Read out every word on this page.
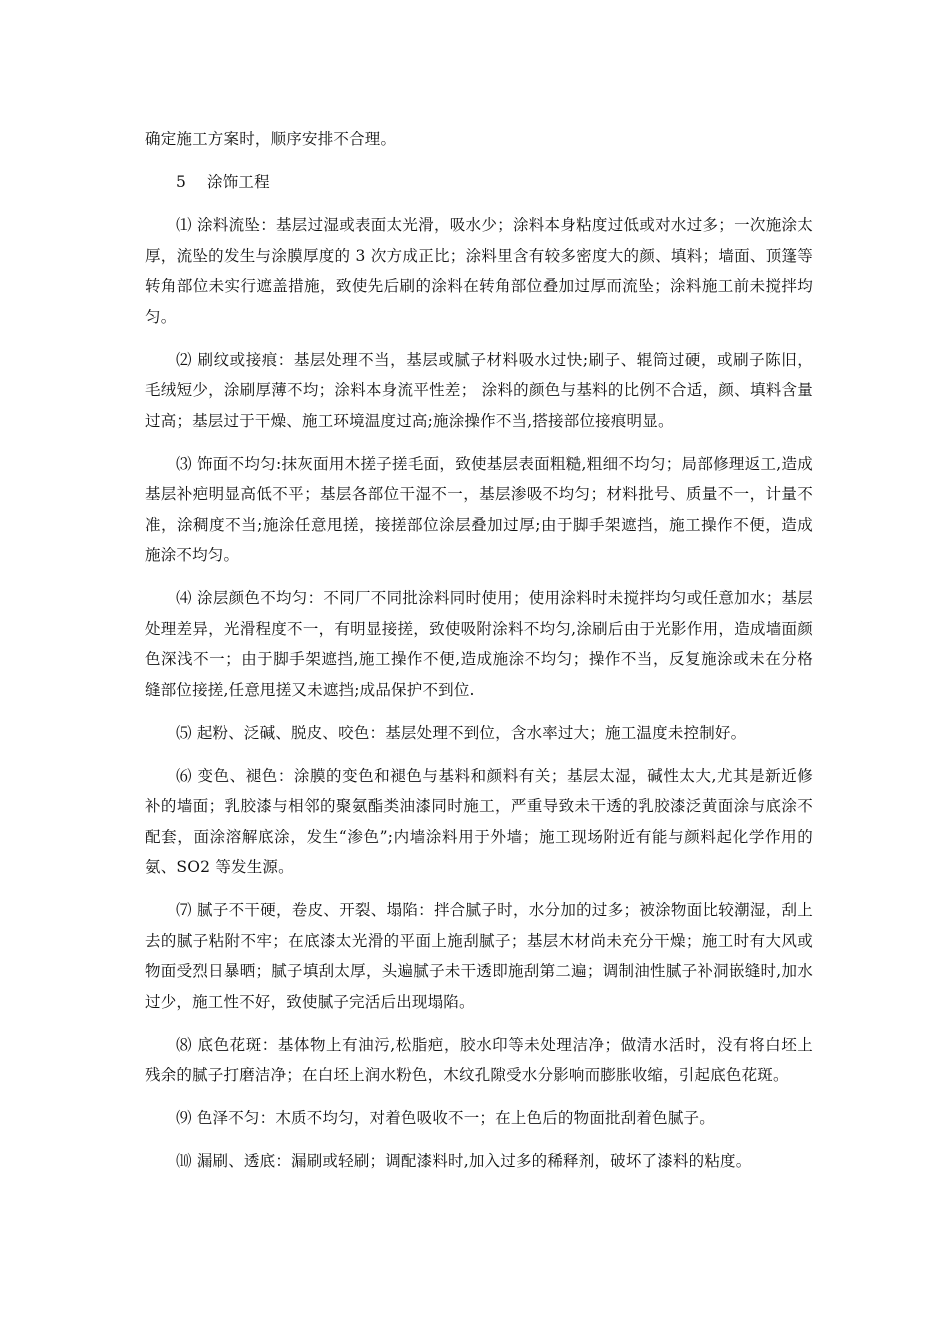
确定施工方案时，顺序安排不合理。

5 涂饰工程

⑴ 涂料流坠：基层过湿或表面太光滑，吸水少；涂料本身粘度过低或对水过多；一次施涂太厚，流坠的发生与涂膜厚度的 3 次方成正比；涂料里含有较多密度大的颜、填料；墙面、顶篷等转角部位未实行遮盖措施，致使先后刷的涂料在转角部位叠加过厚而流坠；涂料施工前未搅拌均匀。

⑵ 刷纹或接痕：基层处理不当，基层或腻子材料吸水过快;刷子、辊筒过硬，或刷子陈旧，毛绒短少，涂刷厚薄不均；涂料本身流平性差； 涂料的颜色与基料的比例不合适，颜、填料含量过高；基层过于干燥、施工环境温度过高;施涂操作不当,搭接部位接痕明显。

⑶ 饰面不均匀:抹灰面用木搓子搓毛面，致使基层表面粗糙,粗细不均匀；局部修理返工,造成基层补疤明显高低不平；基层各部位干湿不一，基层渗吸不均匀；材料批号、质量不一，计量不准，涂稠度不当;施涂任意甩搓，接搓部位涂层叠加过厚;由于脚手架遮挡，施工操作不便，造成施涂不均匀。

⑷ 涂层颜色不均匀：不同厂不同批涂料同时使用；使用涂料时未搅拌均匀或任意加水；基层处理差异，光滑程度不一，有明显接搓，致使吸附涂料不均匀,涂刷后由于光影作用，造成墙面颜色深浅不一；由于脚手架遮挡,施工操作不便,造成施涂不均匀；操作不当，反复施涂或未在分格缝部位接搓,任意甩搓又未遮挡;成品保护不到位.

⑸ 起粉、泛碱、脱皮、咬色：基层处理不到位，含水率过大；施工温度未控制好。

⑹ 变色、褪色：涂膜的变色和褪色与基料和颜料有关；基层太湿，碱性太大,尤其是新近修补的墙面；乳胶漆与相邻的聚氨酯类油漆同时施工，严重导致未干透的乳胶漆泛黄面涂与底涂不配套，面涂溶解底涂，发生“渗色”;内墙涂料用于外墙；施工现场附近有能与颜料起化学作用的氨、SO2 等发生源。

⑺ 腻子不干硬，卷皮、开裂、塌陷：拌合腻子时，水分加的过多；被涂物面比较潮湿，刮上去的腻子粘附不牢；在底漆太光滑的平面上施刮腻子；基层木材尚未充分干燥；施工时有大风或物面受烈日暴晒；腻子填刮太厚，头遍腻子未干透即施刮第二遍；调制油性腻子补洞嵌缝时,加水过少，施工性不好，致使腻子完活后出现塌陷。

⑻ 底色花斑：基体物上有油污,松脂疤，胶水印等未处理洁净；做清水活时，没有将白坯上残余的腻子打磨洁净；在白坯上润水粉色，木纹孔隙受水分影响而膨胀收缩，引起底色花斑。

⑼ 色泽不匀：木质不均匀，对着色吸收不一；在上色后的物面批刮着色腻子。

⑽ 漏刷、透底：漏刷或轻刷；调配漆料时,加入过多的稀释剂，破坏了漆料的粘度。
